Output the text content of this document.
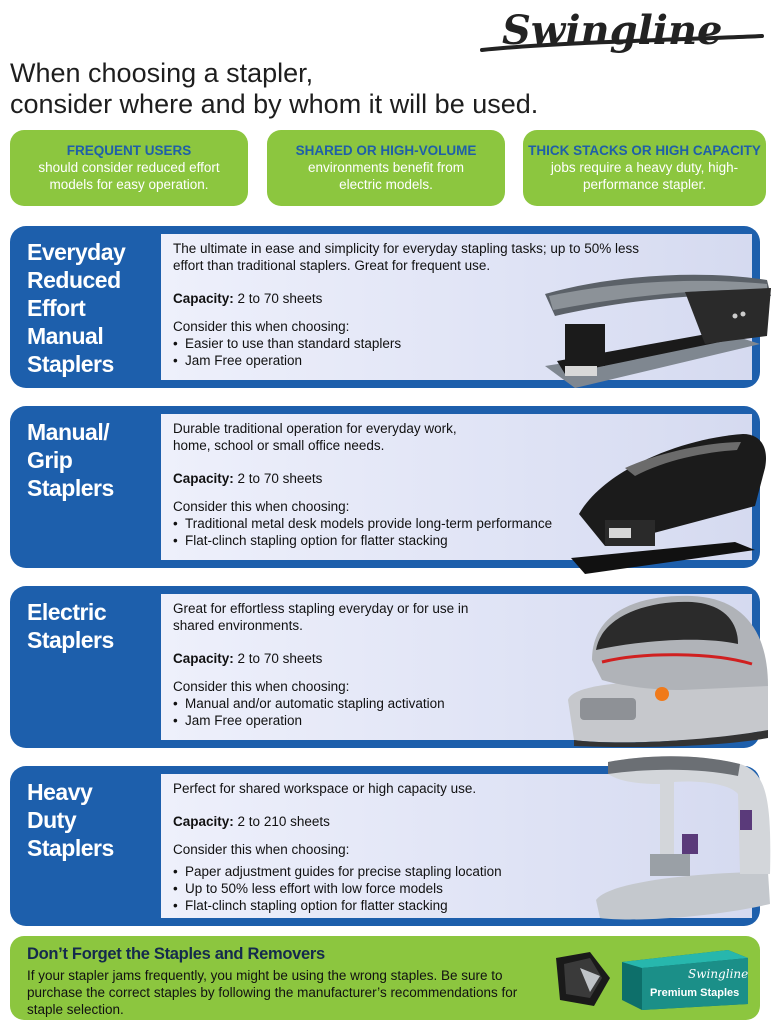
Swingline
When choosing a stapler,
consider where and by whom it will be used.
FREQUENT USERS
should consider reduced effort models for easy operation.
SHARED OR HIGH-VOLUME
environments benefit from electric models.
THICK STACKS OR HIGH CAPACITY
jobs require a heavy duty, high-performance stapler.
Everyday Reduced Effort Manual Staplers

The ultimate in ease and simplicity for everyday stapling tasks; up to 50% less effort than traditional staplers. Great for frequent use.

Capacity: 2 to 70 sheets

Consider this when choosing:

• Easier to use than standard staplers
• Jam Free operation
Manual/ Grip Staplers

Durable traditional operation for everyday work, home, school or small office needs.

Capacity: 2 to 70 sheets

Consider this when choosing:

• Traditional metal desk models provide long-term performance
• Flat-clinch stapling option for flatter stacking
Electric Staplers

Great for effortless stapling everyday or for use in shared environments.

Capacity: 2 to 70 sheets

Consider this when choosing:

• Manual and/or automatic stapling activation
• Jam Free operation
Heavy Duty Staplers

Perfect for shared workspace or high capacity use.

Capacity: 2 to 210 sheets

Consider this when choosing:

• Paper adjustment guides for precise stapling location
• Up to 50% less effort with low force models
• Flat-clinch stapling option for flatter stacking
Don’t Forget the Staples and Removers
If your stapler jams frequently, you might be using the wrong staples. Be sure to purchase the correct staples by following the manufacturer’s recommendations for staple selection.
Swingline
Premium Staples
